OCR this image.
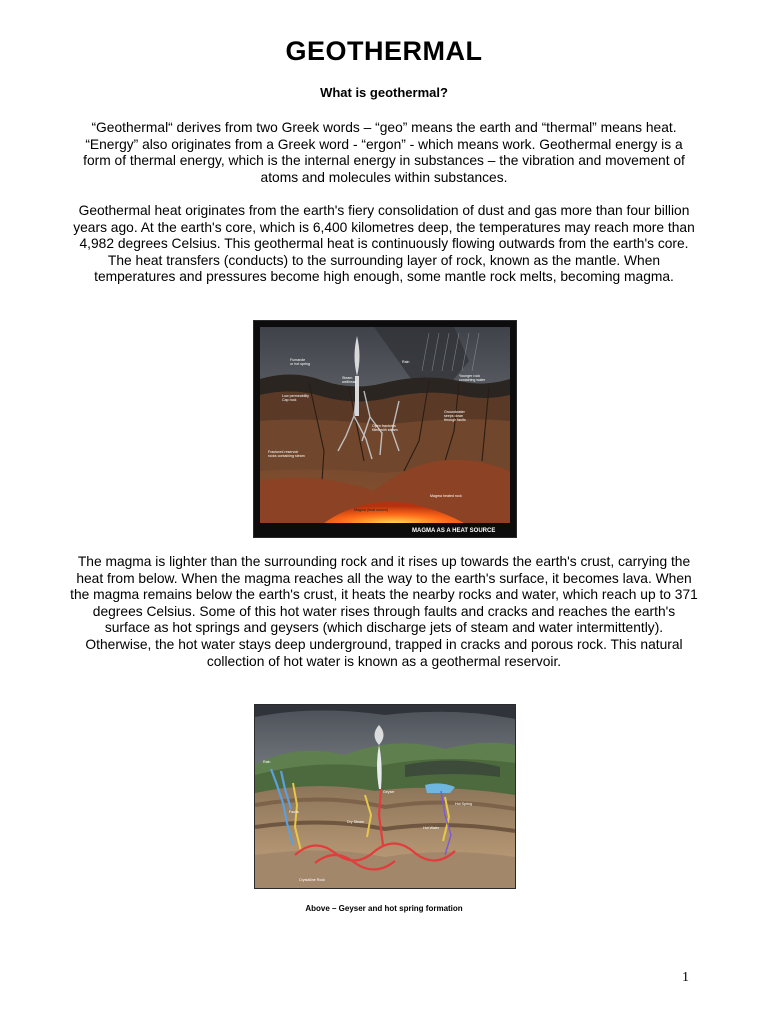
GEOTHERMAL
What is geothermal?

“Geothermal“ derives from two Greek words – “geo” means the earth and “thermal” means heat. “Energy” also originates from a Greek word - “ergon” - which means work. Geothermal energy is a form of thermal energy, which is the internal energy in substances – the vibration and movement of atoms and molecules within substances.

Geothermal heat originates from the earth's fiery consolidation of dust and gas more than four billion years ago. At the earth's core, which is 6,400 kilometres deep, the temperatures may reach more than 4,982 degrees Celsius. This geothermal heat is continuously flowing outwards from the earth's core. The heat transfers (conducts) to the surrounding layer of rock, known as the mantle. When temperatures and pressures become high enough, some mantle rock melts, becoming magma.

Fumarole
or hot spring	Rain
Steam
wellhead
Younger rock
containing water
Low permeability
Cap rock
Groundwater
seeps down
through faults
Open fractures
filled with steam
Fractured reservoir
rocks containing steam
Magma heated rock
Magma (heat source)
MAGMA AS A HEAT SOURCE

The magma is lighter than the surrounding rock and it rises up towards the earth's crust, carrying the heat from below. When the magma reaches all the way to the earth's surface, it becomes lava. When the magma remains below the earth's crust, it heats the nearby rocks and water, which reach up to 371 degrees Celsius. Some of this hot water rises through faults and cracks and reaches the earth's surface as hot springs and geysers (which discharge jets of steam and water intermittently). Otherwise, the hot water stays deep underground, trapped in cracks and porous rock. This natural collection of hot water is known as a geothermal reservoir.

Rain
Geyser
Hot Spring
Faults
Dry Steam
Hot Water
Crystalline Rock
Above – Geyser and hot spring formation
1
